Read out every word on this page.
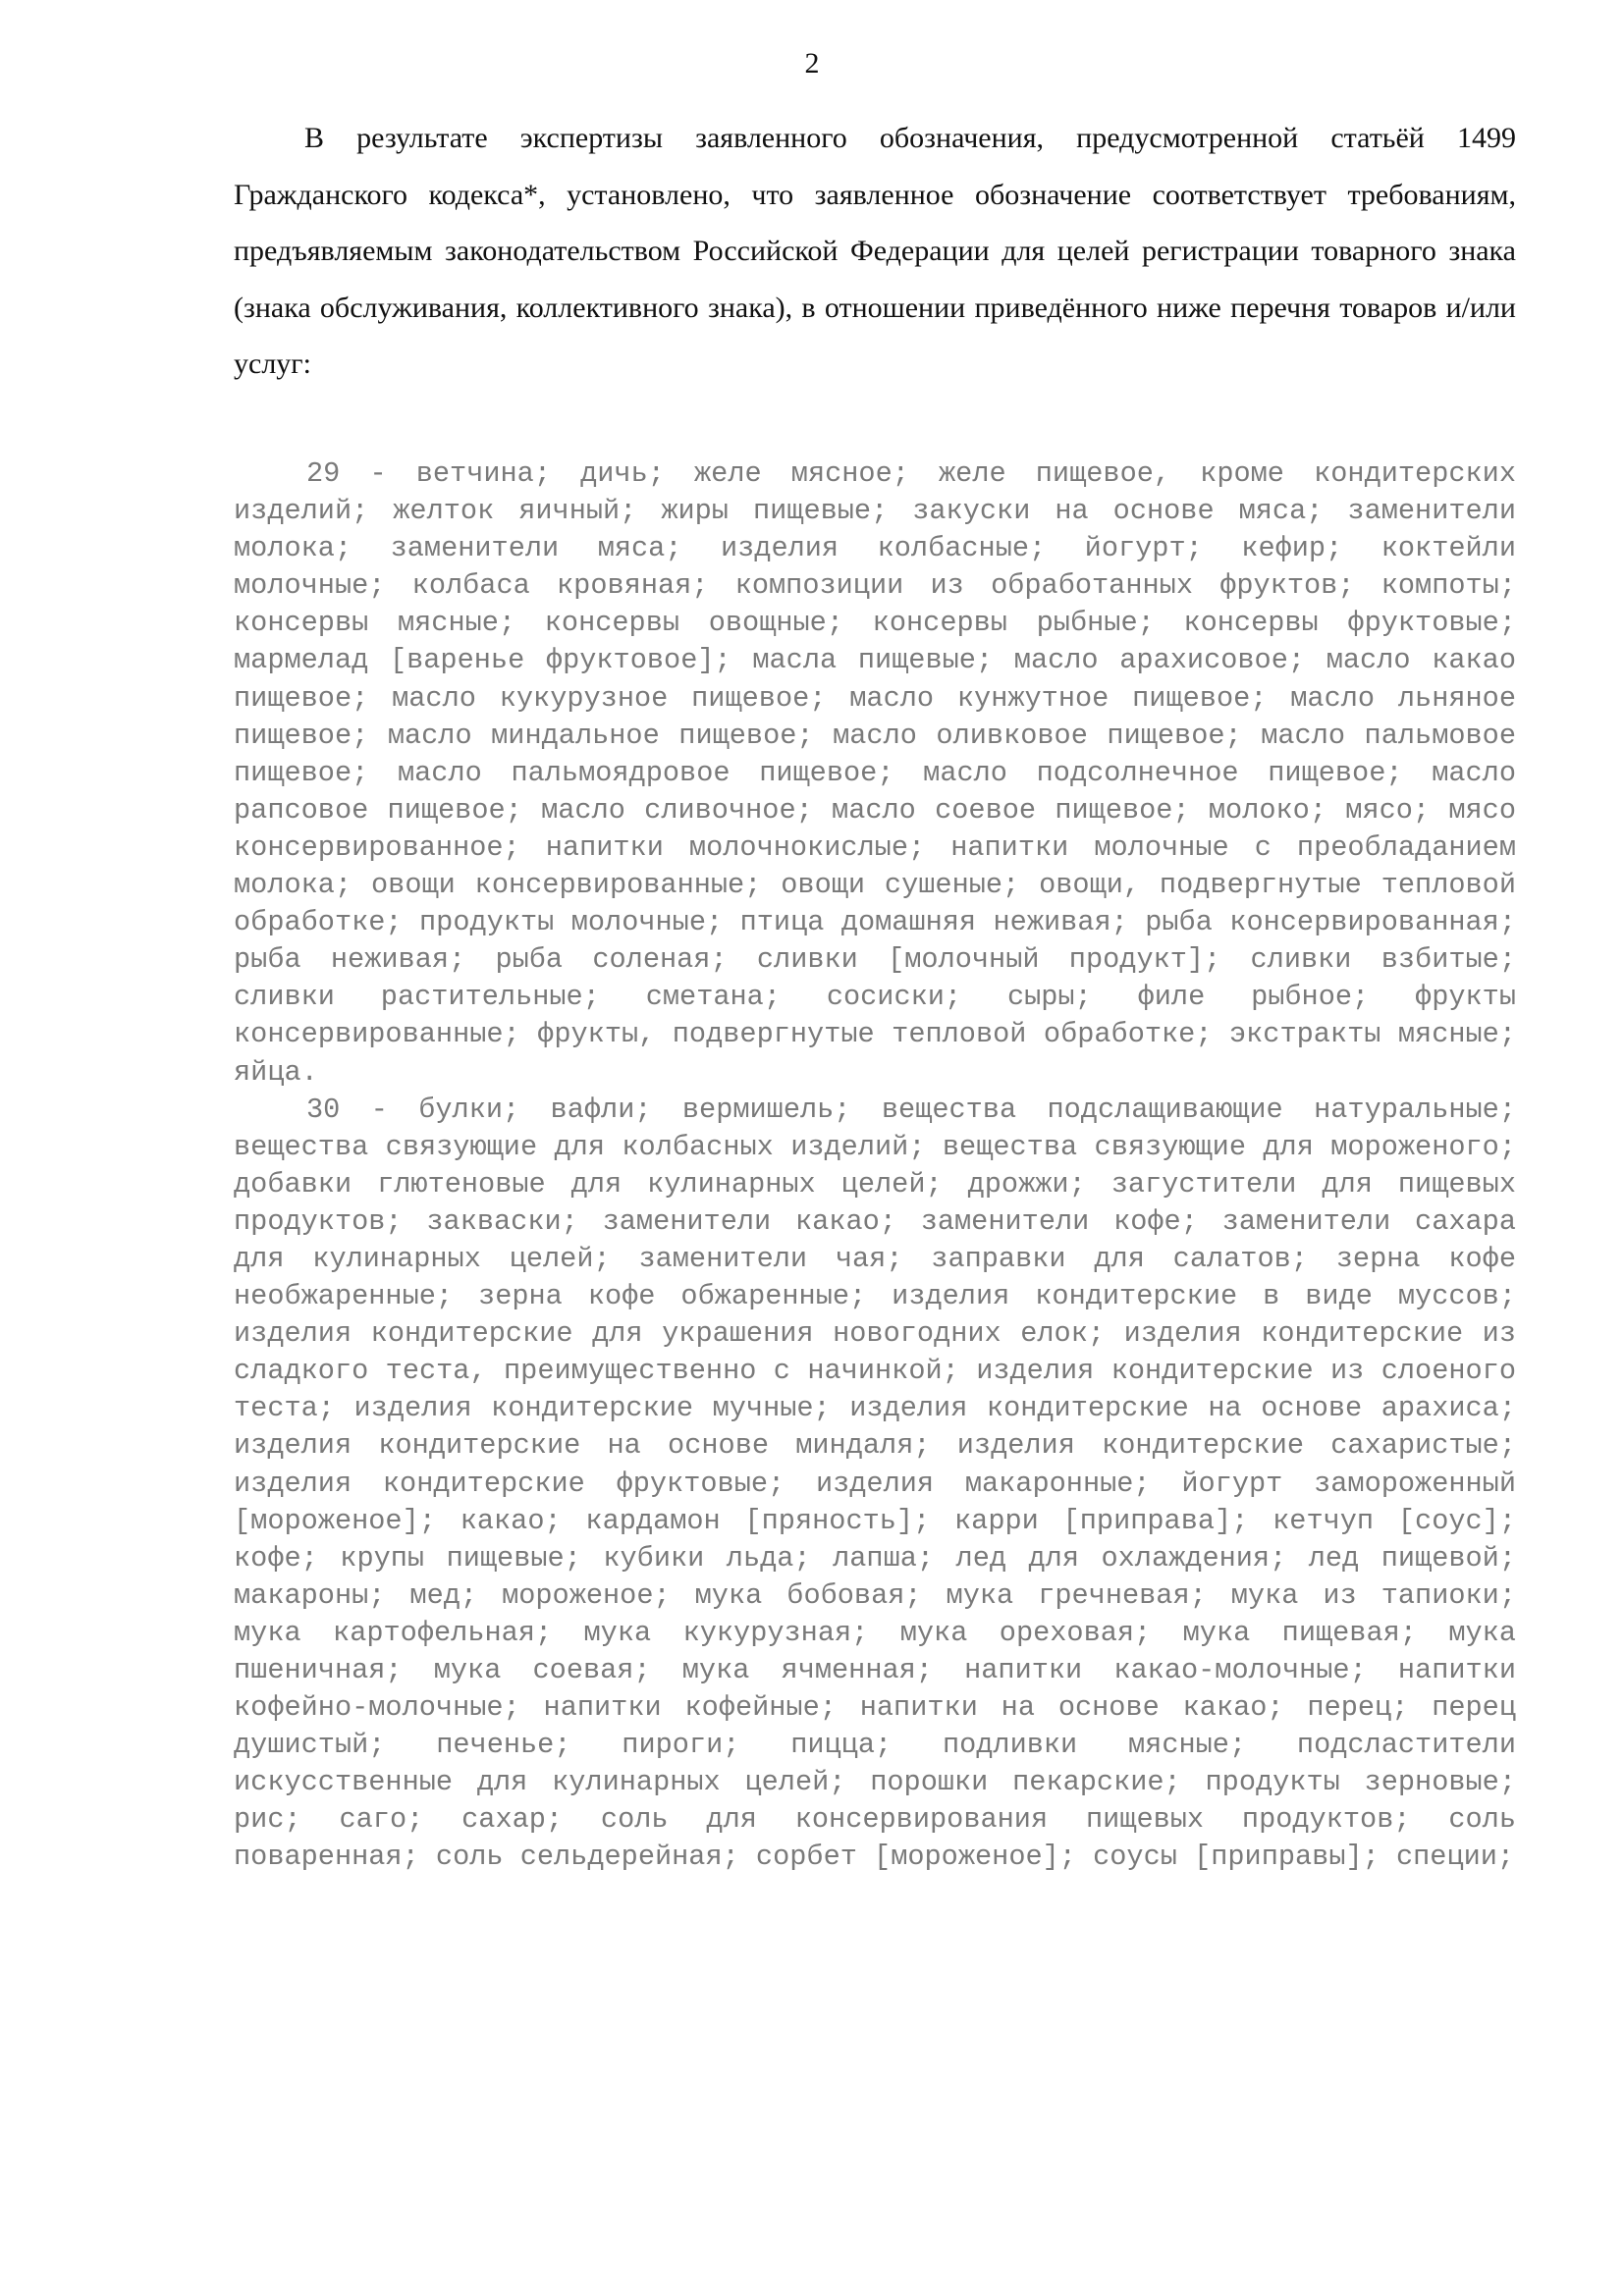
2

В результате экспертизы заявленного обозначения, предусмотренной статьёй 1499 Гражданского кодекса*, установлено, что заявленное обозначение соответствует требованиям, предъявляемым законодательством Российской Федерации для целей регистрации товарного знака (знака обслуживания, коллективного знака), в отношении приведённого ниже перечня товаров и/или услуг:

29 - ветчина; дичь; желе мясное; желе пищевое, кроме кондитерских изделий; желток яичный; жиры пищевые; закуски на основе мяса; заменители молока; заменители мяса; изделия колбасные; йогурт; кефир; коктейли молочные; колбаса кровяная; композиции из обработанных фруктов; компоты; консервы мясные; консервы овощные; консервы рыбные; консервы фруктовые; мармелад [варенье фруктовое]; масла пищевые; масло арахисовое; масло какао пищевое; масло кукурузное пищевое; масло кунжутное пищевое; масло льняное пищевое; масло миндальное пищевое; масло оливковое пищевое; масло пальмовое пищевое; масло пальмоядровое пищевое; масло подсолнечное пищевое; масло рапсовое пищевое; масло сливочное; масло соевое пищевое; молоко; мясо; мясо консервированное; напитки молочнокислые; напитки молочные с преобладанием молока; овощи консервированные; овощи сушеные; овощи, подвергнутые тепловой обработке; продукты молочные; птица домашняя неживая; рыба консервированная; рыба неживая; рыба соленая; сливки [молочный продукт]; сливки взбитые; сливки растительные; сметана; сосиски; сыры; филе рыбное; фрукты консервированные; фрукты, подвергнутые тепловой обработке; экстракты мясные; яйца.

30 - булки; вафли; вермишель; вещества подслащивающие натуральные; вещества связующие для колбасных изделий; вещества связующие для мороженого; добавки глютеновые для кулинарных целей; дрожжи; загустители для пищевых продуктов; закваски; заменители какао; заменители кофе; заменители сахара для кулинарных целей; заменители чая; заправки для салатов; зерна кофе необжаренные; зерна кофе обжаренные; изделия кондитерские в виде муссов; изделия кондитерские для украшения новогодних елок; изделия кондитерские из сладкого теста, преимущественно с начинкой; изделия кондитерские из слоеного теста; изделия кондитерские мучные; изделия кондитерские на основе арахиса; изделия кондитерские на основе миндаля; изделия кондитерские сахаристые; изделия кондитерские фруктовые; изделия макаронные; йогурт замороженный [мороженое]; какао; кардамон [пряность]; карри [приправа]; кетчуп [соус]; кофе; крупы пищевые; кубики льда; лапша; лед для охлаждения; лед пищевой; макароны; мед; мороженое; мука бобовая; мука гречневая; мука из тапиоки; мука картофельная; мука кукурузная; мука ореховая; мука пищевая; мука пшеничная; мука соевая; мука ячменная; напитки какао-молочные; напитки кофейно-молочные; напитки кофейные; напитки на основе какао; перец; перец душистый; печенье; пироги; пицца; подливки мясные; подсластители искусственные для кулинарных целей; порошки пекарские; продукты зерновые; рис; саго; сахар; соль для консервирования пищевых продуктов; соль поваренная; соль сельдерейная; сорбет [мороженое]; соусы [приправы]; специи;
